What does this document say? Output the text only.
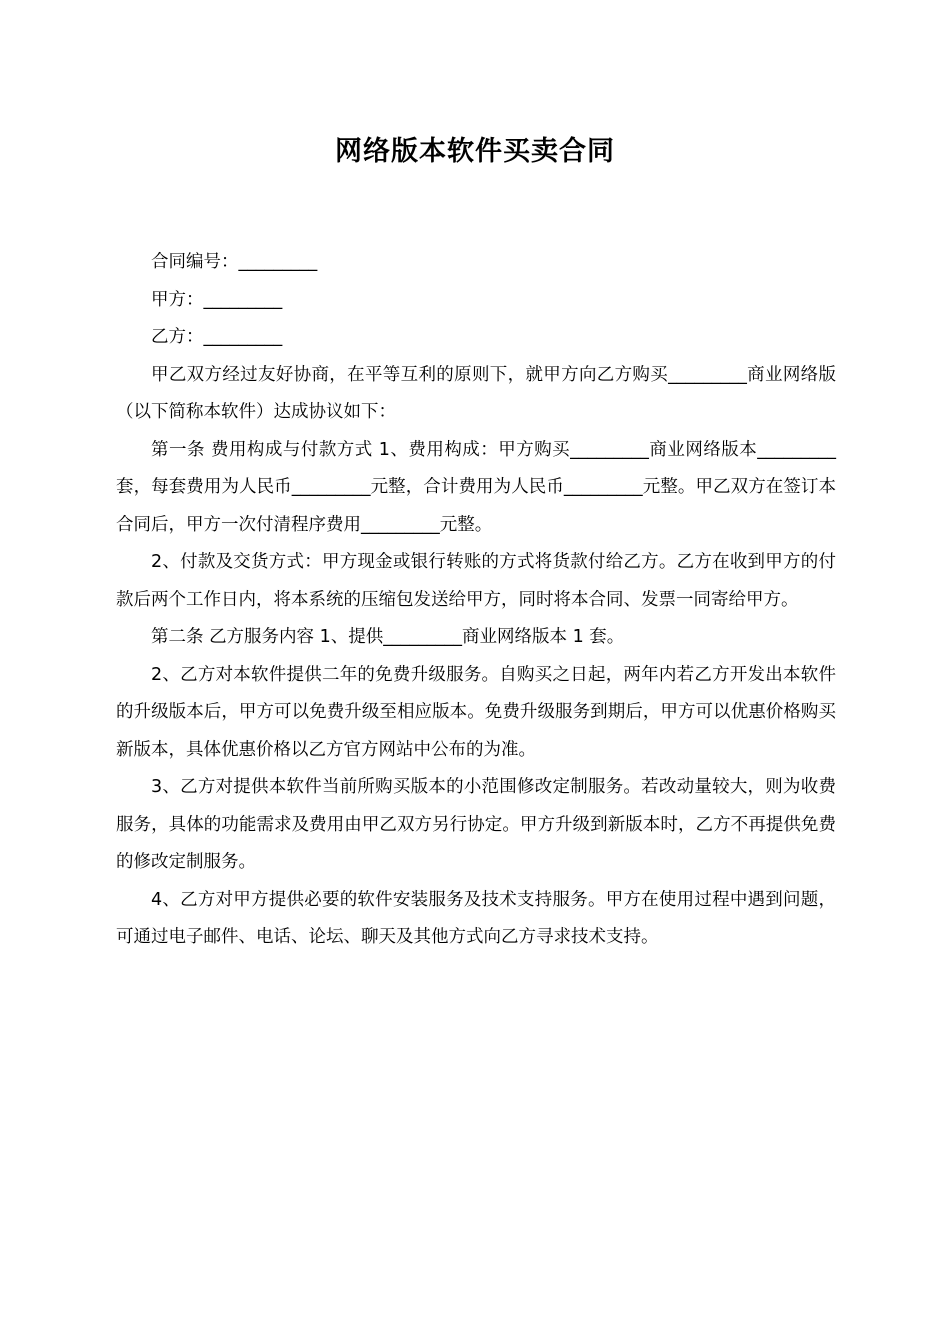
网络版本软件买卖合同

合同编号：_________

甲方：_________

乙方：_________

甲乙双方经过友好协商，在平等互利的原则下，就甲方向乙方购买_________商业网络版（以下简称本软件）达成协议如下：

第一条 费用构成与付款方式 1、费用构成：甲方购买_________商业网络版本_________套，每套费用为人民币_________元整，合计费用为人民币_________元整。甲乙双方在签订本合同后，甲方一次付清程序费用_________元整。

2、付款及交货方式：甲方现金或银行转账的方式将货款付给乙方。乙方在收到甲方的付款后两个工作日内，将本系统的压缩包发送给甲方，同时将本合同、发票一同寄给甲方。

第二条 乙方服务内容 1、提供_________商业网络版本 1 套。

2、乙方对本软件提供二年的免费升级服务。自购买之日起，两年内若乙方开发出本软件的升级版本后，甲方可以免费升级至相应版本。免费升级服务到期后，甲方可以优惠价格购买新版本，具体优惠价格以乙方官方网站中公布的为准。

3、乙方对提供本软件当前所购买版本的小范围修改定制服务。若改动量较大，则为收费服务，具体的功能需求及费用由甲乙双方另行协定。甲方升级到新版本时，乙方不再提供免费的修改定制服务。

4、乙方对甲方提供必要的软件安装服务及技术支持服务。甲方在使用过程中遇到问题，可通过电子邮件、电话、论坛、聊天及其他方式向乙方寻求技术支持。
